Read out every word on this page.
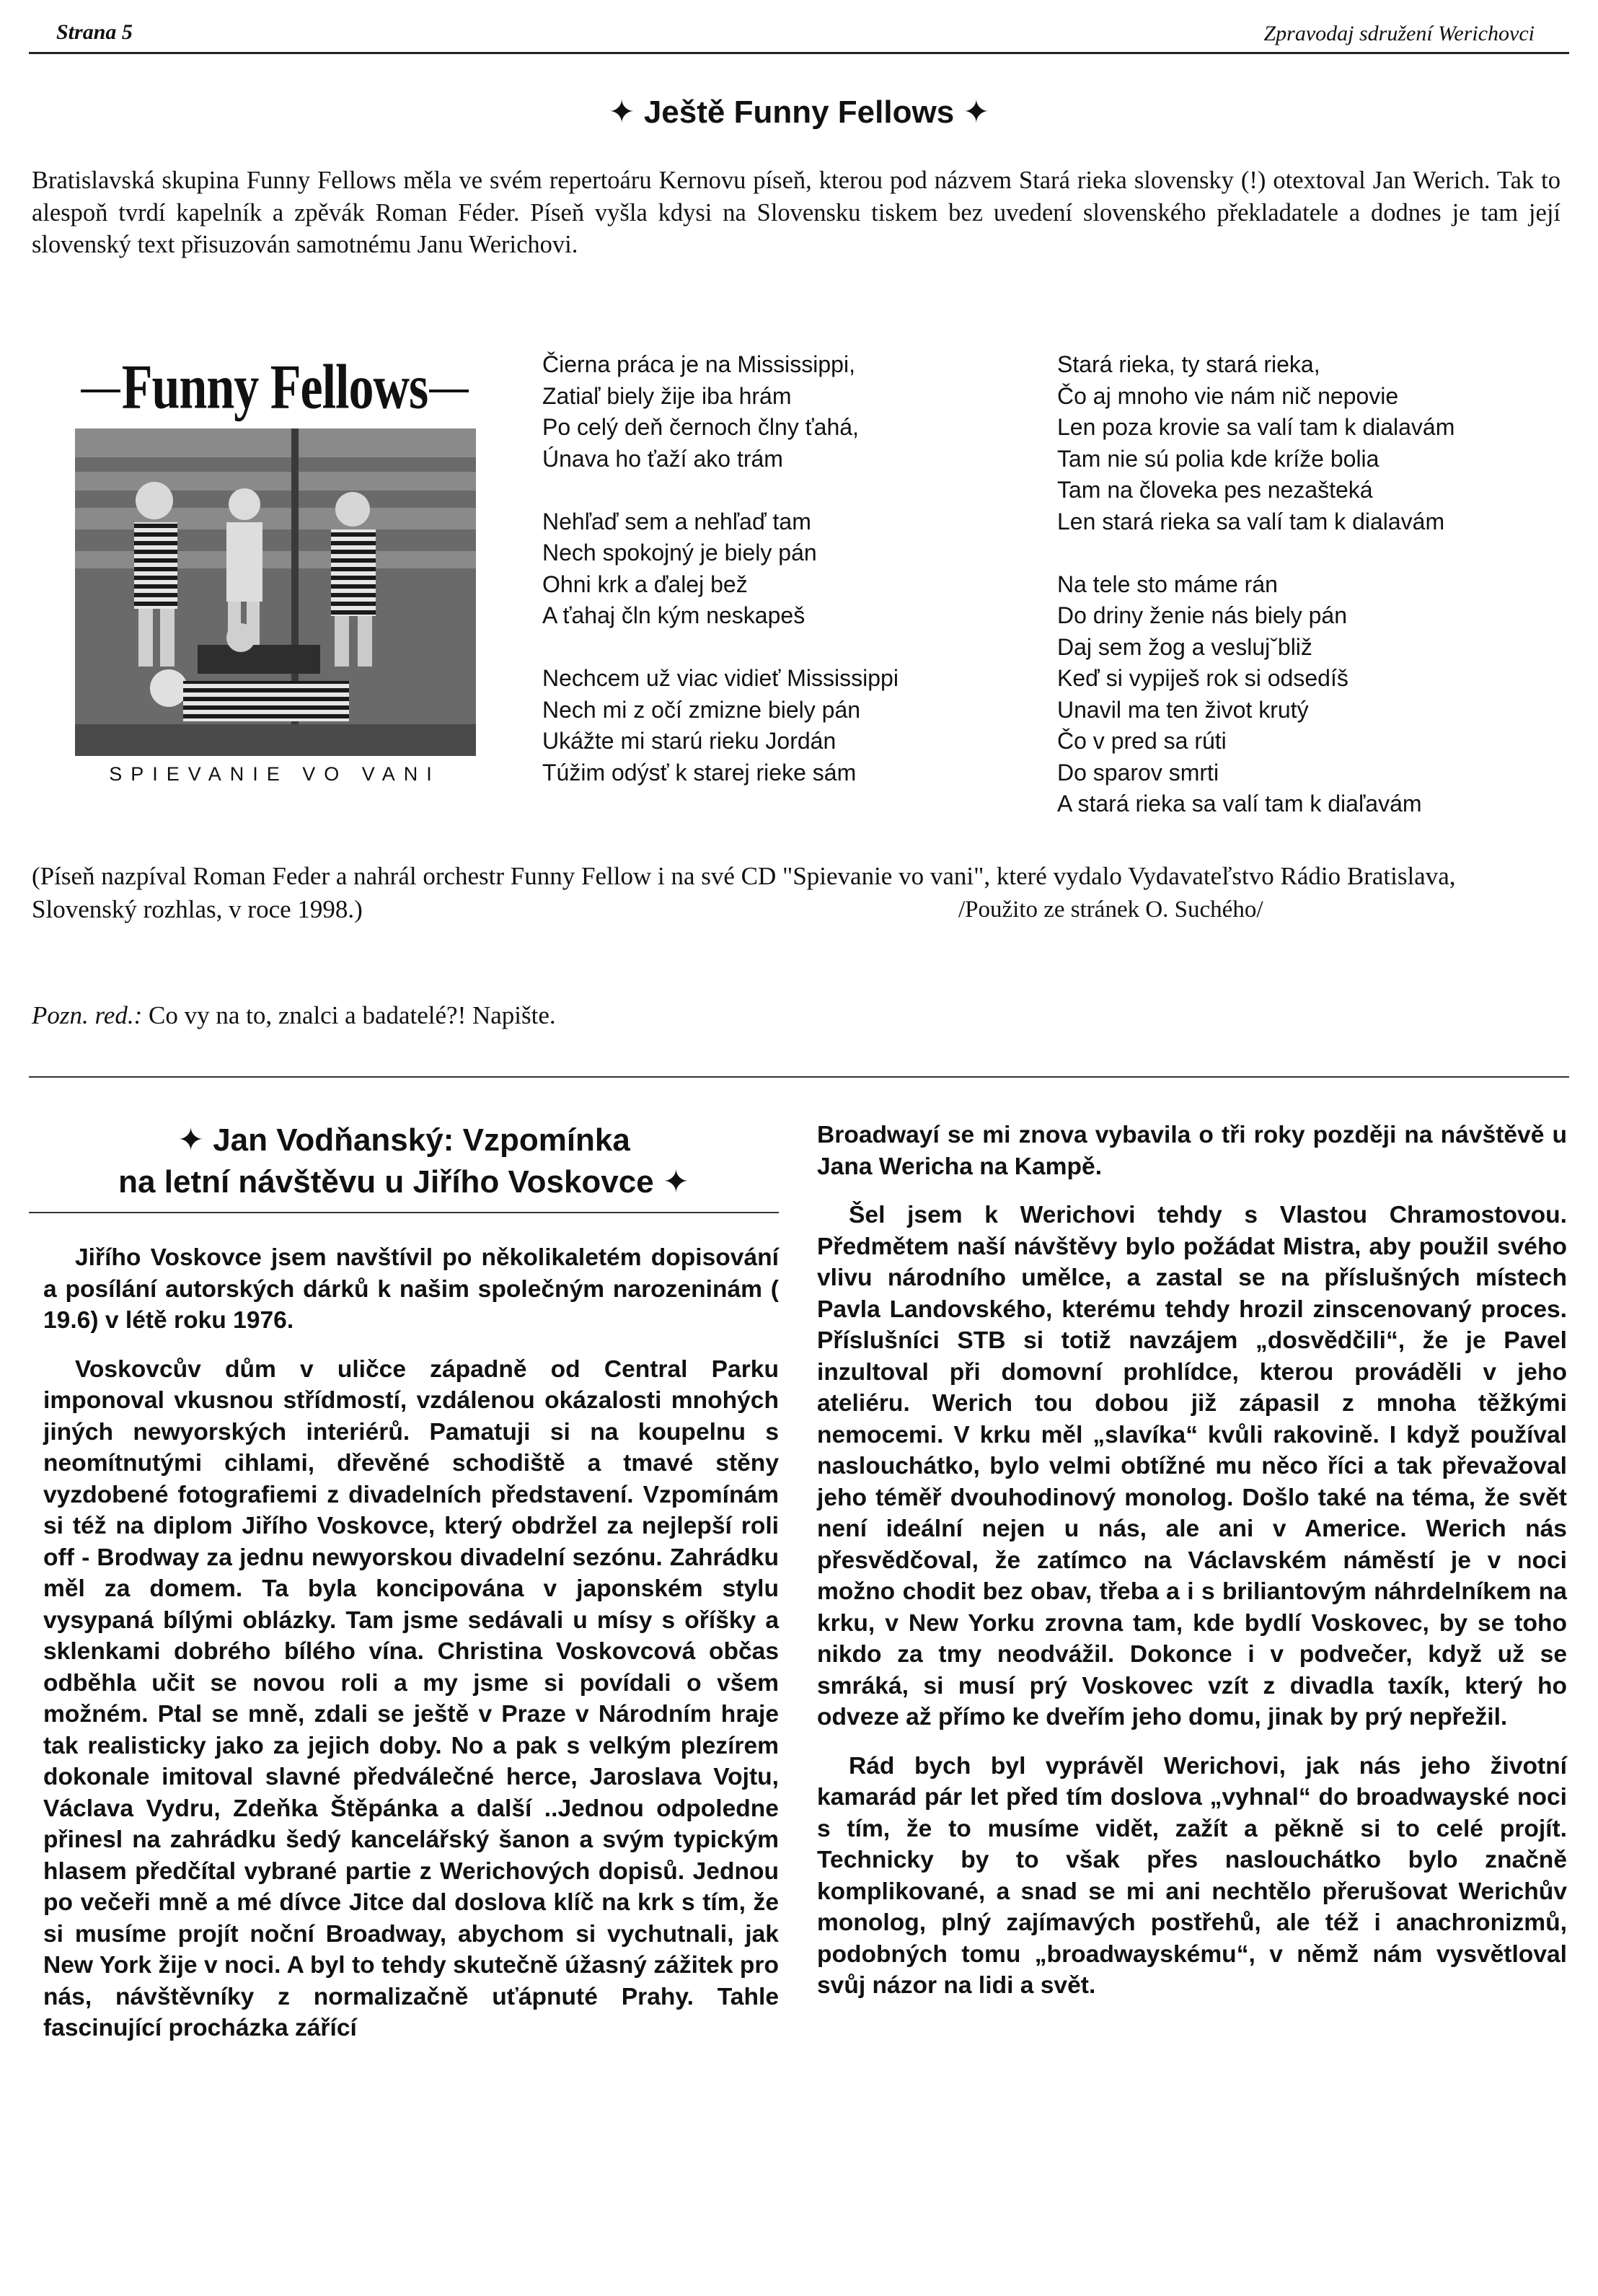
Strana 5	Zpravodaj sdružení Werichovci
✦ Ještě Funny Fellows ✦

Bratislavská skupina Funny Fellows měla ve svém repertoáru Kernovu píseň, kterou pod názvem Stará rieka slovensky (!) otextoval Jan Werich. Tak to alespoň tvrdí kapelník a zpěvák Roman Féder. Píseň vyšla kdysi na Slovensku tiskem bez uvedení slovenského překladatele a dodnes je tam její slovenský text přisuzován samotnému Janu Werichovi.

Funny Fellows
SPIEVANIE VO VANI

Čierna práca je na Mississippi,
Zatiaľ biely žije iba hrám
Po celý deň černoch člny ťahá,
Únava ho ťaží ako trám

Nehľaď sem a nehľaď tam
Nech spokojný je biely pán
Ohni krk a ďalej bež
A ťahaj čln kým neskapeš

Nechcem už viac vidieť Mississippi
Nech mi z očí zmizne biely pán
Ukážte mi starú rieku Jordán
Túžim odýsť k starej rieke sám

Stará rieka, ty stará rieka,
Čo aj mnoho vie nám nič nepovie
Len poza krovie sa valí tam k dialavám
Tam nie sú polia kde kríže bolia
Tam na človeka pes nezašteká
Len stará rieka sa valí tam k dialavám

Na tele sto máme rán
Do driny ženie nás biely pán
Daj sem žog a veslujˇbliž
Keď si vypiješ rok si odsedíš
Unavil ma ten život krutý
Čo v pred sa rúti
Do sparov smrti
A stará rieka sa valí tam k diaľavám

(Píseň nazpíval Roman Feder a nahrál orchestr Funny Fellow i na své CD "Spievanie vo vani", které vydalo Vydavateľstvo Rádio Bratislava, Slovenský rozhlas, v roce 1998.)	/Použito ze stránek O. Suchého/
Pozn. red.: Co vy na to, znalci a badatelé?! Napište.
✦ Jan Vodňanský: Vzpomínka
na letní návštěvu u Jiřího Voskovce ✦

Jiřího Voskovce jsem navštívil po několikaletém dopisování a posílání autorských dárků k našim společným narozeninám ( 19.6) v létě roku 1976.

Voskovcův dům v uličce západně od Central Parku imponoval vkusnou střídmostí, vzdálenou okázalosti mnohých jiných newyorských interiérů. Pamatuji si na koupelnu s neomítnutými cihlami, dřevěné schodiště a tmavé stěny vyzdobené fotografiemi z divadelních představení. Vzpomínám si též na diplom Jiřího Voskovce, který obdržel za nejlepší roli off - Brodway za jednu newyorskou divadelní sezónu. Zahrádku měl za domem. Ta byla koncipována v japonském stylu vysypaná bílými oblázky. Tam jsme sedávali u mísy s oříšky a sklenkami dobrého bílého vína. Christina Voskovcová občas odběhla učit se novou roli a my jsme si povídali o všem možném. Ptal se mně, zdali se ještě v Praze v Národním hraje tak realisticky jako za jejich doby. No a pak s velkým plezírem dokonale imitoval slavné předválečné herce, Jaroslava Vojtu, Václava Vydru, Zdeňka Štěpánka a další ..Jednou odpoledne přinesl na zahrádku šedý kancelářský šanon a svým typickým hlasem předčítal vybrané partie z Werichových dopisů. Jednou po večeři mně a mé dívce Jitce dal doslova klíč na krk s tím, že si musíme projít noční Broadway, abychom si vychutnali, jak New York žije v noci. A byl to tehdy skutečně úžasný zážitek pro nás, návštěvníky z normalizačně uťápnuté Prahy. Tahle fascinující procházka zářící

Broadwayí se mi znova vybavila o tři roky později na návštěvě u Jana Wericha na Kampě.

Šel jsem k Werichovi tehdy s Vlastou Chramostovou. Předmětem naší návštěvy bylo požádat Mistra, aby použil svého vlivu národního umělce, a zastal se na příslušných místech Pavla Landovského, kterému tehdy hrozil zinscenovaný proces. Příslušníci STB si totiž navzájem „dosvědčili“, že je Pavel inzultoval při domovní prohlídce, kterou prováděli v jeho ateliéru. Werich tou dobou již zápasil z mnoha těžkými nemocemi. V krku měl „slavíka“ kvůli rakovině. I když používal naslouchátko, bylo velmi obtížné mu něco říci a tak převažoval jeho téměř dvouhodinový monolog. Došlo také na téma, že svět není ideální nejen u nás, ale ani v Americe. Werich nás přesvědčoval, že zatímco na Václavském náměstí je v noci možno chodit bez obav, třeba a i s briliantovým náhrdelníkem na krku, v New Yorku zrovna tam, kde bydlí Voskovec, by se toho nikdo za tmy neodvážil. Dokonce i v podvečer, když už se smráká, si musí prý Voskovec vzít z divadla taxík, který ho odveze až přímo ke dveřím jeho domu, jinak by prý nepřežil.

Rád bych byl vyprávěl Werichovi, jak nás jeho životní kamarád pár let před tím doslova „vyhnal“ do broadwayské noci s tím, že to musíme vidět, zažít a pěkně si to celé projít. Technicky by to však přes naslouchátko bylo značně komplikované, a snad se mi ani nechtělo přerušovat Werichův monolog, plný zajímavých postřehů, ale též i anachronizmů, podobných tomu „broadwayskému“, v němž nám vysvětloval svůj názor na lidi a svět.
